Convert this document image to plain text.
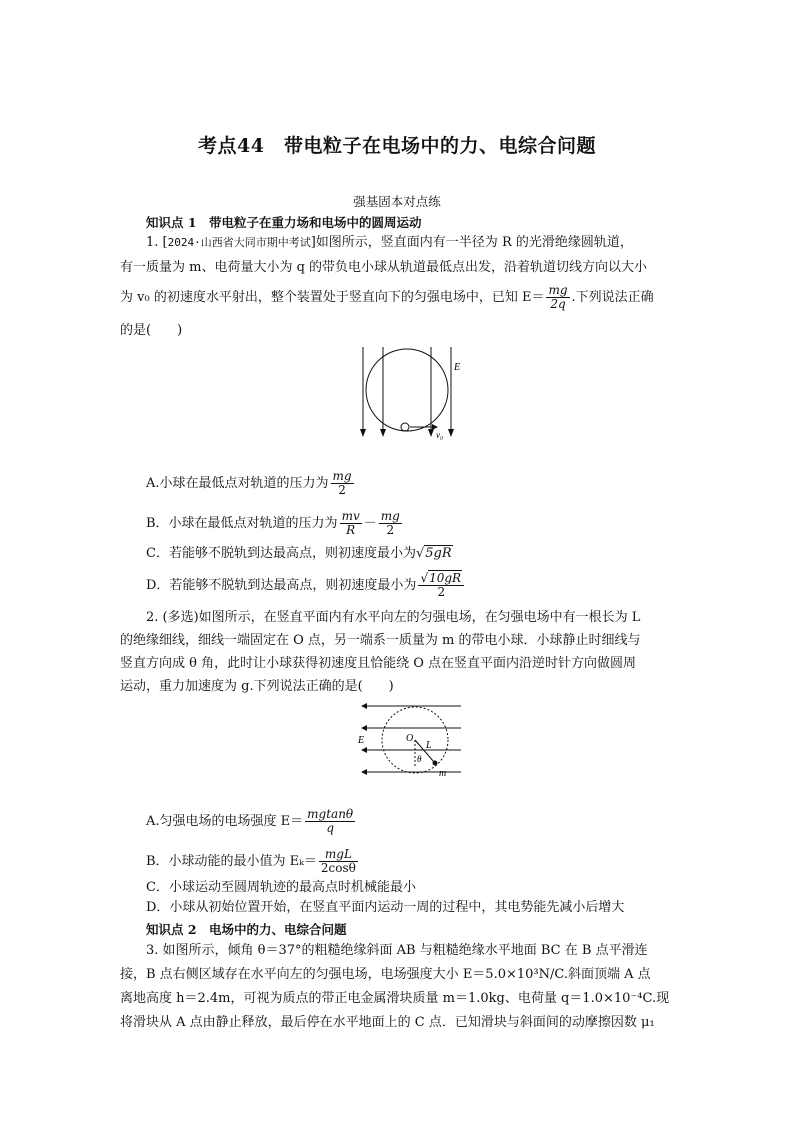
考点44　带电粒子在电场中的力、电综合问题
强基固本对点练
知识点 1　带电粒子在重力场和电场中的圆周运动
1. [2024·山西省大同市期中考试]如图所示，竖直面内有一半径为 R 的光滑绝缘圆轨道，
有一质量为 m、电荷量大小为 q 的带负电小球从轨道最低点出发，沿着轨道切线方向以大小
为 v₀ 的初速度水平射出，整个装置处于竖直向下的匀强电场中，已知 $E= \frac{mg}{2q}$ .下列说法正确
的是(　　)
E
v₀
A.小球在最低点对轨道的压力为 $\frac{mg}{2}$
B．小球在最低点对轨道的压力为 $\frac{mv}{R} - \frac{mg}{2}$
C．若能够不脱轨到达最高点，则初速度最小为√5gR
D．若能够不脱轨到达最高点，则初速度最小为 $\frac{√10gR}{2}$
2. (多选)如图所示，在竖直平面内有水平向左的匀强电场，在匀强电场中有一根长为 L
的绝缘细线，细线一端固定在 O 点，另一端系一质量为 m 的带电小球．小球静止时细线与
竖直方向成 θ 角，此时让小球获得初速度且恰能绕 O 点在竖直平面内沿逆时针方向做圆周
运动，重力加速度为 g.下列说法正确的是(　　)
E	O
L
θ
m
A.匀强电场的电场强度 $E= \frac{mgtan\theta}{q}$
B．小球动能的最小值为 $E_k= \frac{\text{mgL}}{2\cos\theta}$
C．小球运动至圆周轨迹的最高点时机械能最小
D．小球从初始位置开始，在竖直平面内运动一周的过程中，其电势能先减小后增大
知识点 2　电场中的力、电综合问题
3. 如图所示，倾角 θ＝37°的粗糙绝缘斜面 AB 与粗糙绝缘水平地面 BC 在 B 点平滑连
接，B 点右侧区域存在水平向左的匀强电场，电场强度大小 E＝5.0×10³N/C.斜面顶端 A 点
离地高度 h＝2.4m，可视为质点的带正电金属滑块质量 m＝1.0kg、电荷量 q＝1.0×10⁻⁴C.现
将滑块从 A 点由静止释放，最后停在水平地面上的 C 点．已知滑块与斜面间的动摩擦因数 μ₁
